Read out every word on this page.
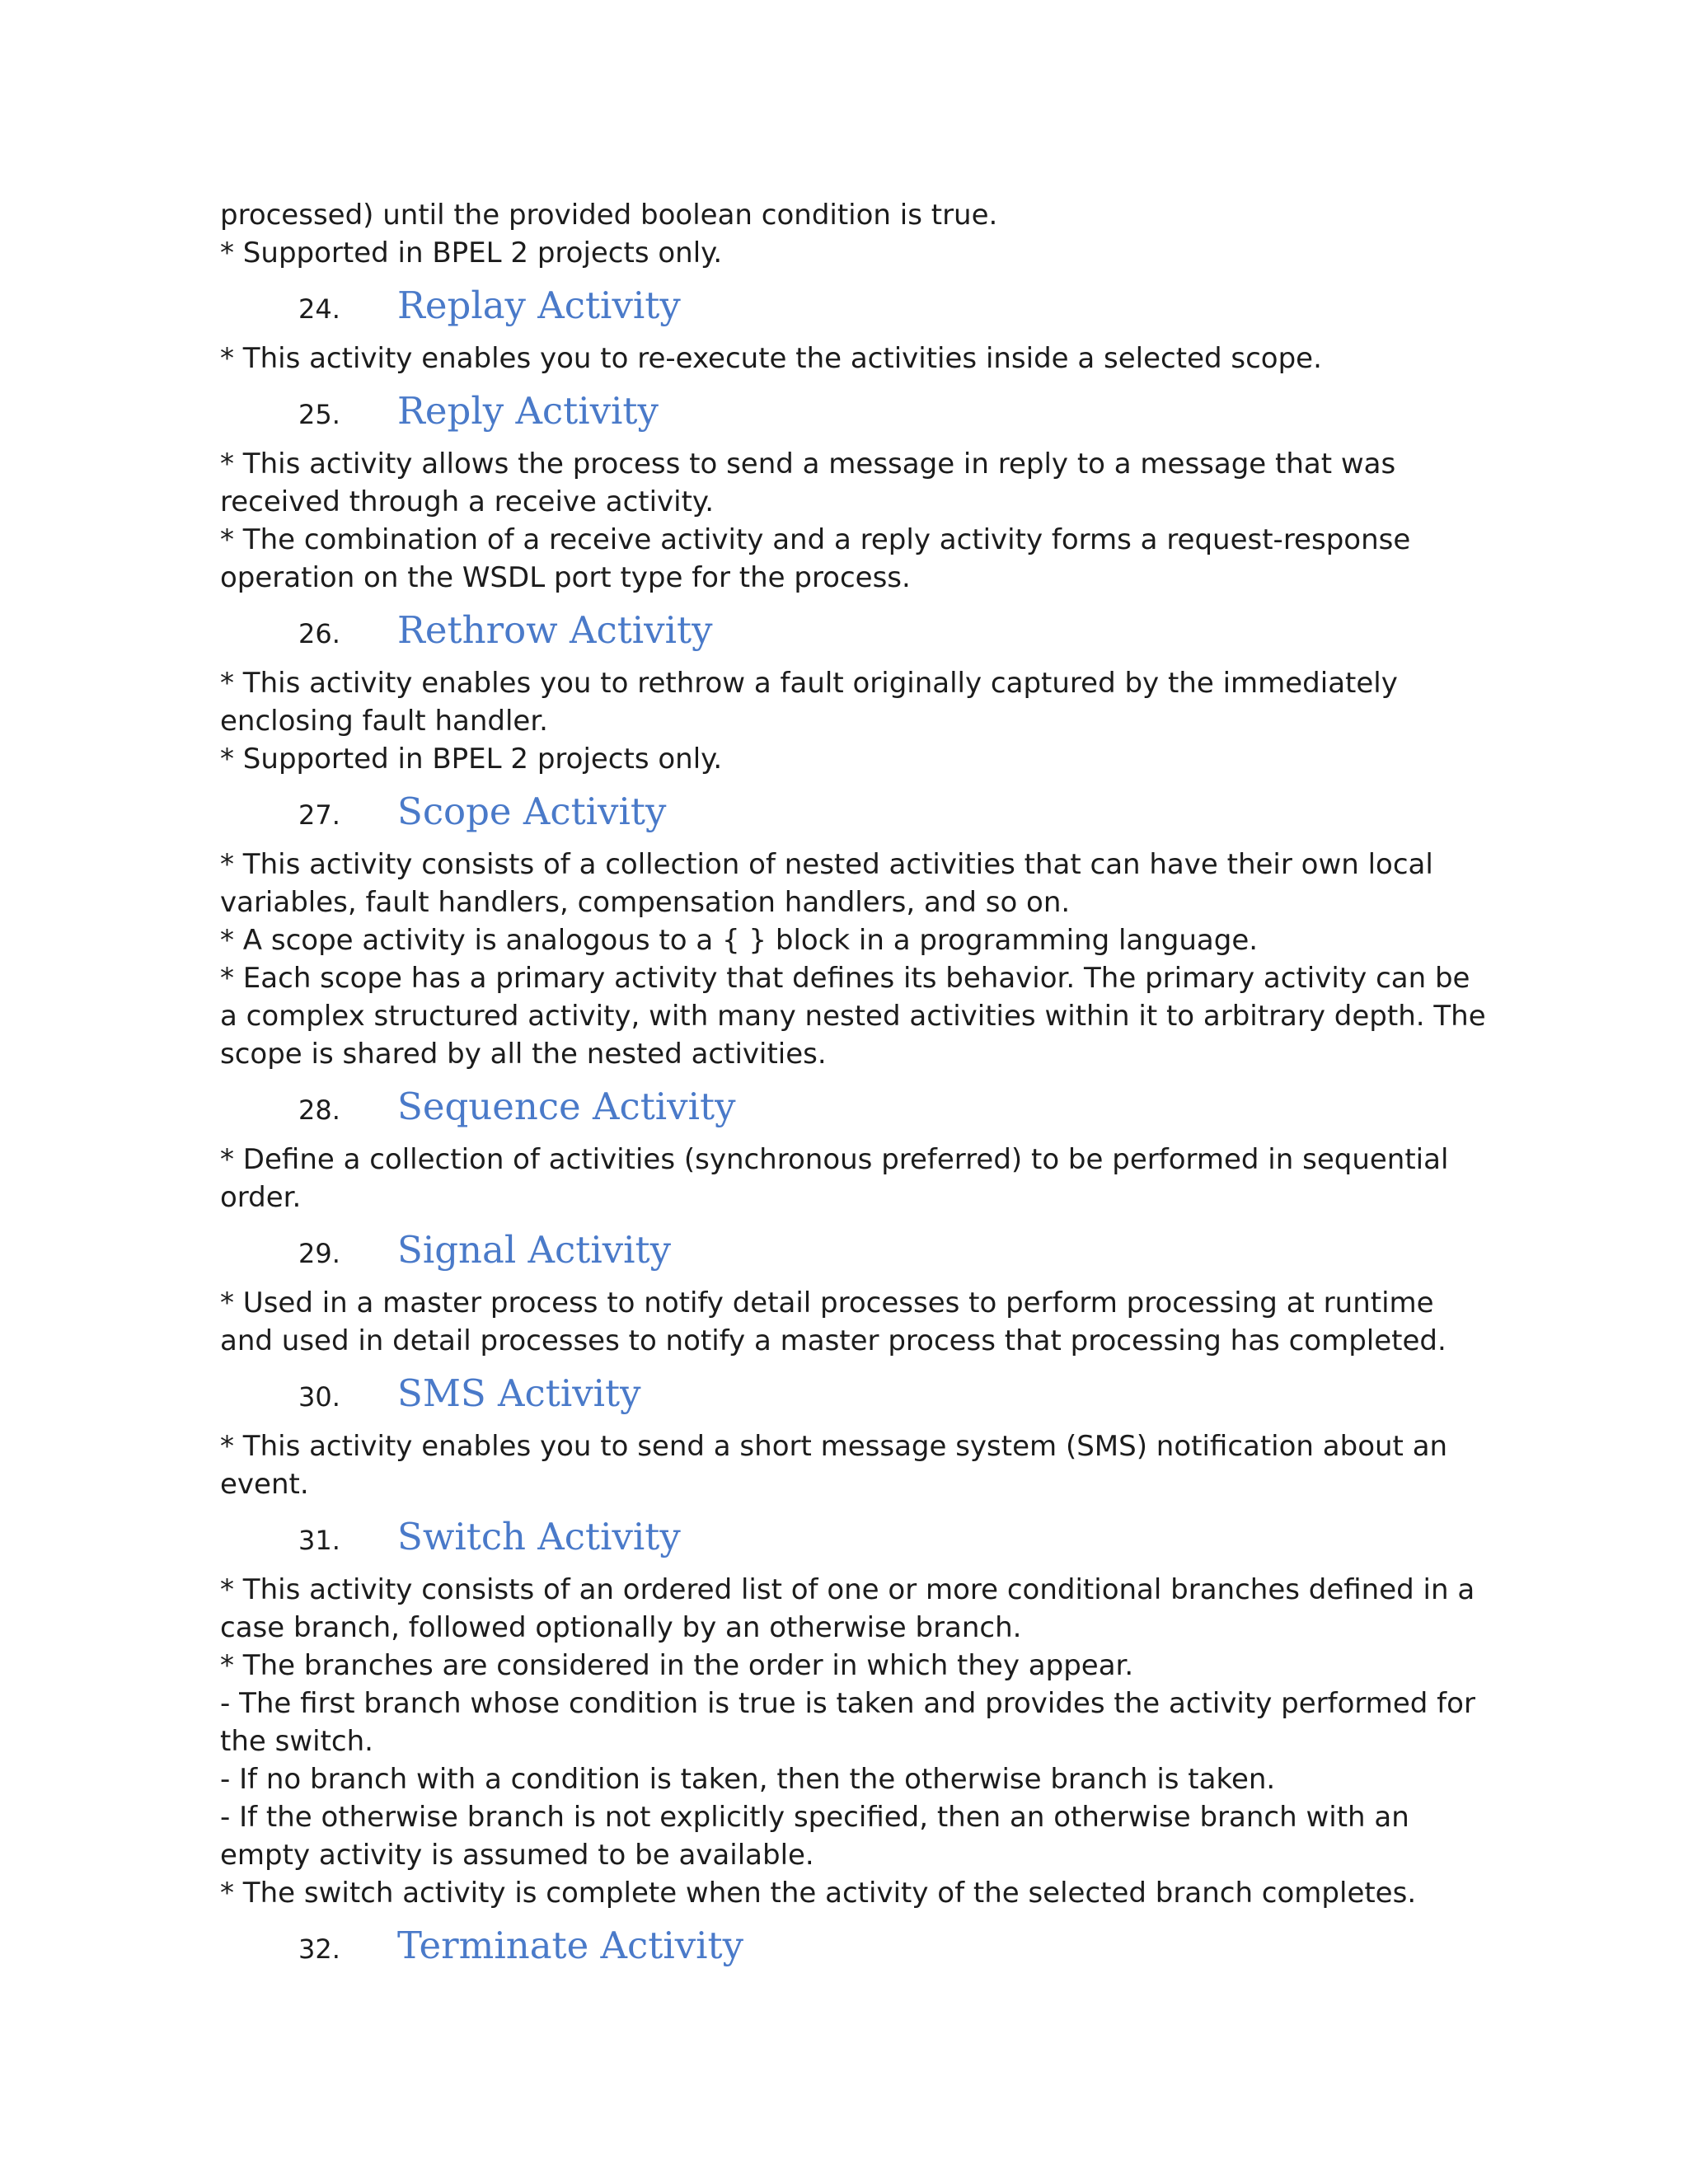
processed) until the provided boolean condition is true.

* Supported in BPEL 2 projects only.

24.	Replay Activity

* This activity enables you to re-execute the activities inside a selected scope.

25.	Reply Activity

* This activity allows the process to send a message in reply to a message that was

received through a receive activity.

* The combination of a receive activity and a reply activity forms a request-response

operation on the WSDL port type for the process.

26.	Rethrow Activity

* This activity enables you to rethrow a fault originally captured by the immediately

enclosing fault handler.

* Supported in BPEL 2 projects only.

27.	Scope Activity

* This activity consists of a collection of nested activities that can have their own local

variables, fault handlers, compensation handlers, and so on.

* A scope activity is analogous to a { } block in a programming language.

* Each scope has a primary activity that defines its behavior. The primary activity can be

a complex structured activity, with many nested activities within it to arbitrary depth. The

scope is shared by all the nested activities.

28.	Sequence Activity

* Define a collection of activities (synchronous preferred) to be performed in sequential

order.

29.	Signal Activity

* Used in a master process to notify detail processes to perform processing at runtime

and used in detail processes to notify a master process that processing has completed.

30.	SMS Activity

* This activity enables you to send a short message system (SMS) notification about an

event.

31.	Switch Activity

* This activity consists of an ordered list of one or more conditional branches defined in a

case branch, followed optionally by an otherwise branch.

* The branches are considered in the order in which they appear.

- The first branch whose condition is true is taken and provides the activity performed for

the switch.

- If no branch with a condition is taken, then the otherwise branch is taken.

- If the otherwise branch is not explicitly specified, then an otherwise branch with an

empty activity is assumed to be available.

* The switch activity is complete when the activity of the selected branch completes.

32.	Terminate Activity
